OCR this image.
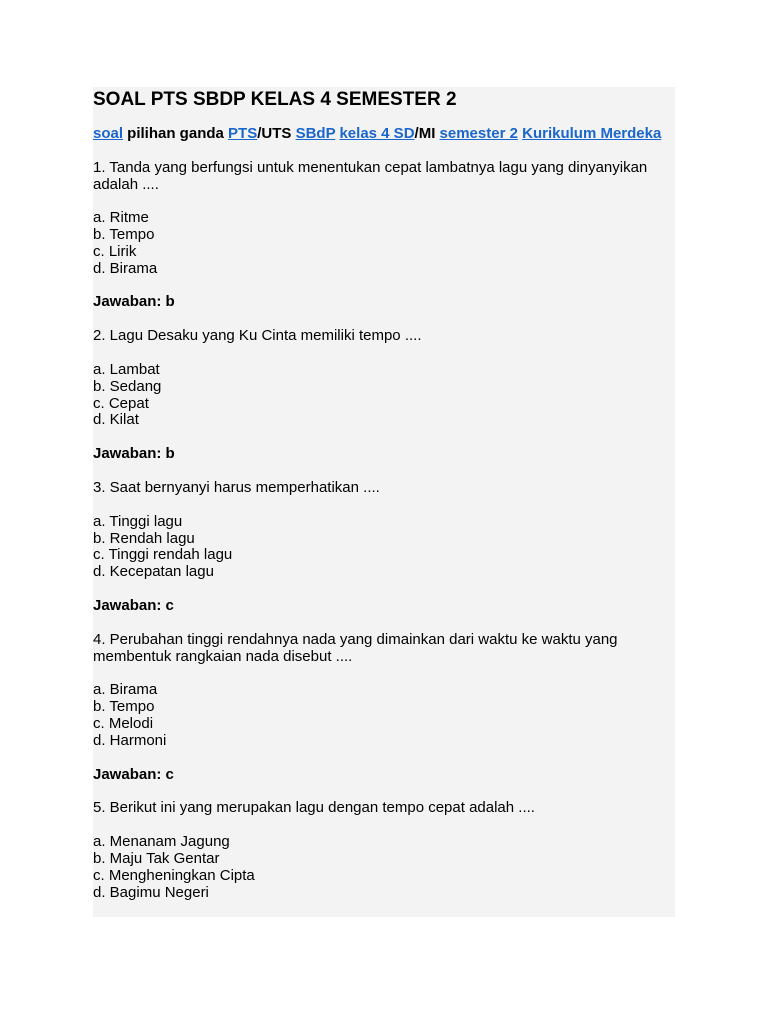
SOAL PTS SBDP KELAS 4 SEMESTER 2
soal pilihan ganda PTS/UTS SBdP kelas 4 SD/MI semester 2 Kurikulum Merdeka
1. Tanda yang berfungsi untuk menentukan cepat lambatnya lagu yang dinyanyikan adalah ....
a. Ritme
b. Tempo
c. Lirik
d. Birama
Jawaban: b
2. Lagu Desaku yang Ku Cinta memiliki tempo ....
a. Lambat
b. Sedang
c. Cepat
d. Kilat
Jawaban: b
3. Saat bernyanyi harus memperhatikan ....
a. Tinggi lagu
b. Rendah lagu
c. Tinggi rendah lagu
d. Kecepatan lagu
Jawaban: c
4. Perubahan tinggi rendahnya nada yang dimainkan dari waktu ke waktu yang membentuk rangkaian nada disebut ....
a. Birama
b. Tempo
c. Melodi
d. Harmoni
Jawaban: c
5. Berikut ini yang merupakan lagu dengan tempo cepat adalah ....
a. Menanam Jagung
b. Maju Tak Gentar
c. Mengheningkan Cipta
d. Bagimu Negeri
